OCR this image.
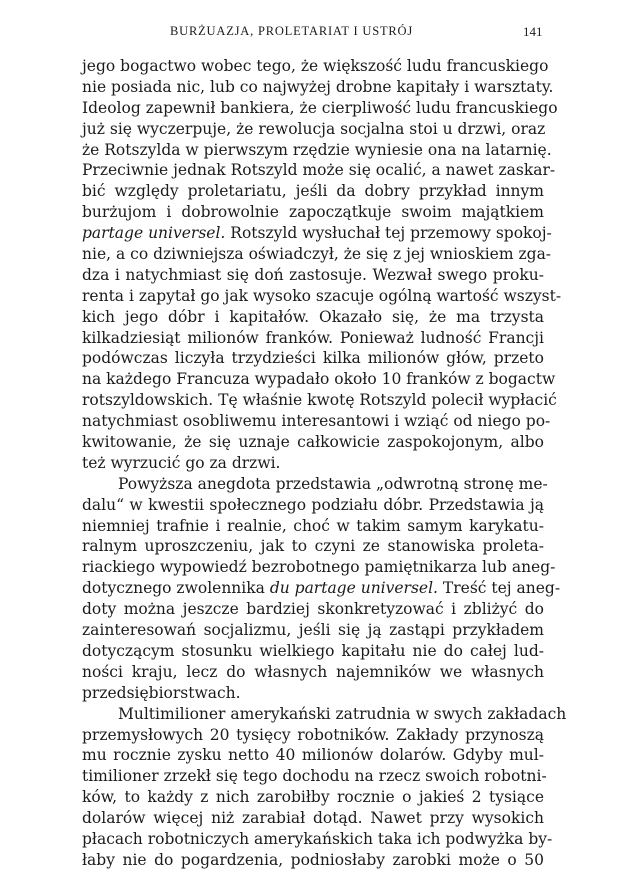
BURŻUAZJA, PROLETARIAT I USTRÓJ	141
jego bogactwo wobec tego, że większość ludu francuskiego
nie posiada nic, lub co najwyżej drobne kapitały i warsztaty.
Ideolog zapewnił bankiera, że cierpliwość ludu francuskiego
już się wyczerpuje, że rewolucja socjalna stoi u drzwi, oraz
że Rotszylda w pierwszym rzędzie wyniesie ona na latarnię.
Przeciwnie jednak Rotszyld może się ocalić, a nawet zaskar-
bić względy proletariatu, jeśli da dobry przykład innym
burżujom i dobrowolnie zapoczątkuje swoim majątkiem
partage universel. Rotszyld wysłuchał tej przemowy spokoj-
nie, a co dziwniejsza oświadczył, że się z jej wnioskiem zga-
dza i natychmiast się doń zastosuje. Wezwał swego proku-
renta i zapytał go jak wysoko szacuje ogólną wartość wszyst-
kich jego dóbr i kapitałów. Okazało się, że ma trzysta
kilkadziesiąt milionów franków. Ponieważ ludność Francji
podówczas liczyła trzydzieści kilka milionów głów, przeto
na każdego Francuza wypadało około 10 franków z bogactw
rotszyldowskich. Tę właśnie kwotę Rotszyld polecił wypłacić
natychmiast osobliwemu interesantowi i wziąć od niego po-
kwitowanie, że się uznaje całkowicie zaspokojonym, albo
też wyrzucić go za drzwi.
Powyższa anegdota przedstawia „odwrotną stronę me-
dalu“ w kwestii społecznego podziału dóbr. Przedstawia ją
niemniej trafnie i realnie, choć w takim samym karykatu-
ralnym uproszczeniu, jak to czyni ze stanowiska proleta-
riackiego wypowiedź bezrobotnego pamiętnikarza lub aneg-
dotycznego zwolennika du partage universel. Treść tej aneg-
doty można jeszcze bardziej skonkretyzować i zbliżyć do
zainteresowań socjalizmu, jeśli się ją zastąpi przykładem
dotyczącym stosunku wielkiego kapitału nie do całej lud-
ności kraju, lecz do własnych najemników we własnych
przedsiębiorstwach.
Multimilioner amerykański zatrudnia w swych zakładach
przemysłowych 20 tysięcy robotników. Zakłady przynoszą
mu rocznie zysku netto 40 milionów dolarów. Gdyby mul-
timilioner zrzekł się tego dochodu na rzecz swoich robotni-
ków, to każdy z nich zarobiłby rocznie o jakieś 2 tysiące
dolarów więcej niż zarabiał dotąd. Nawet przy wysokich
płacach robotniczych amerykańskich taka ich podwyżka by-
łaby nie do pogardzenia, podniosłaby zarobki może o 50
